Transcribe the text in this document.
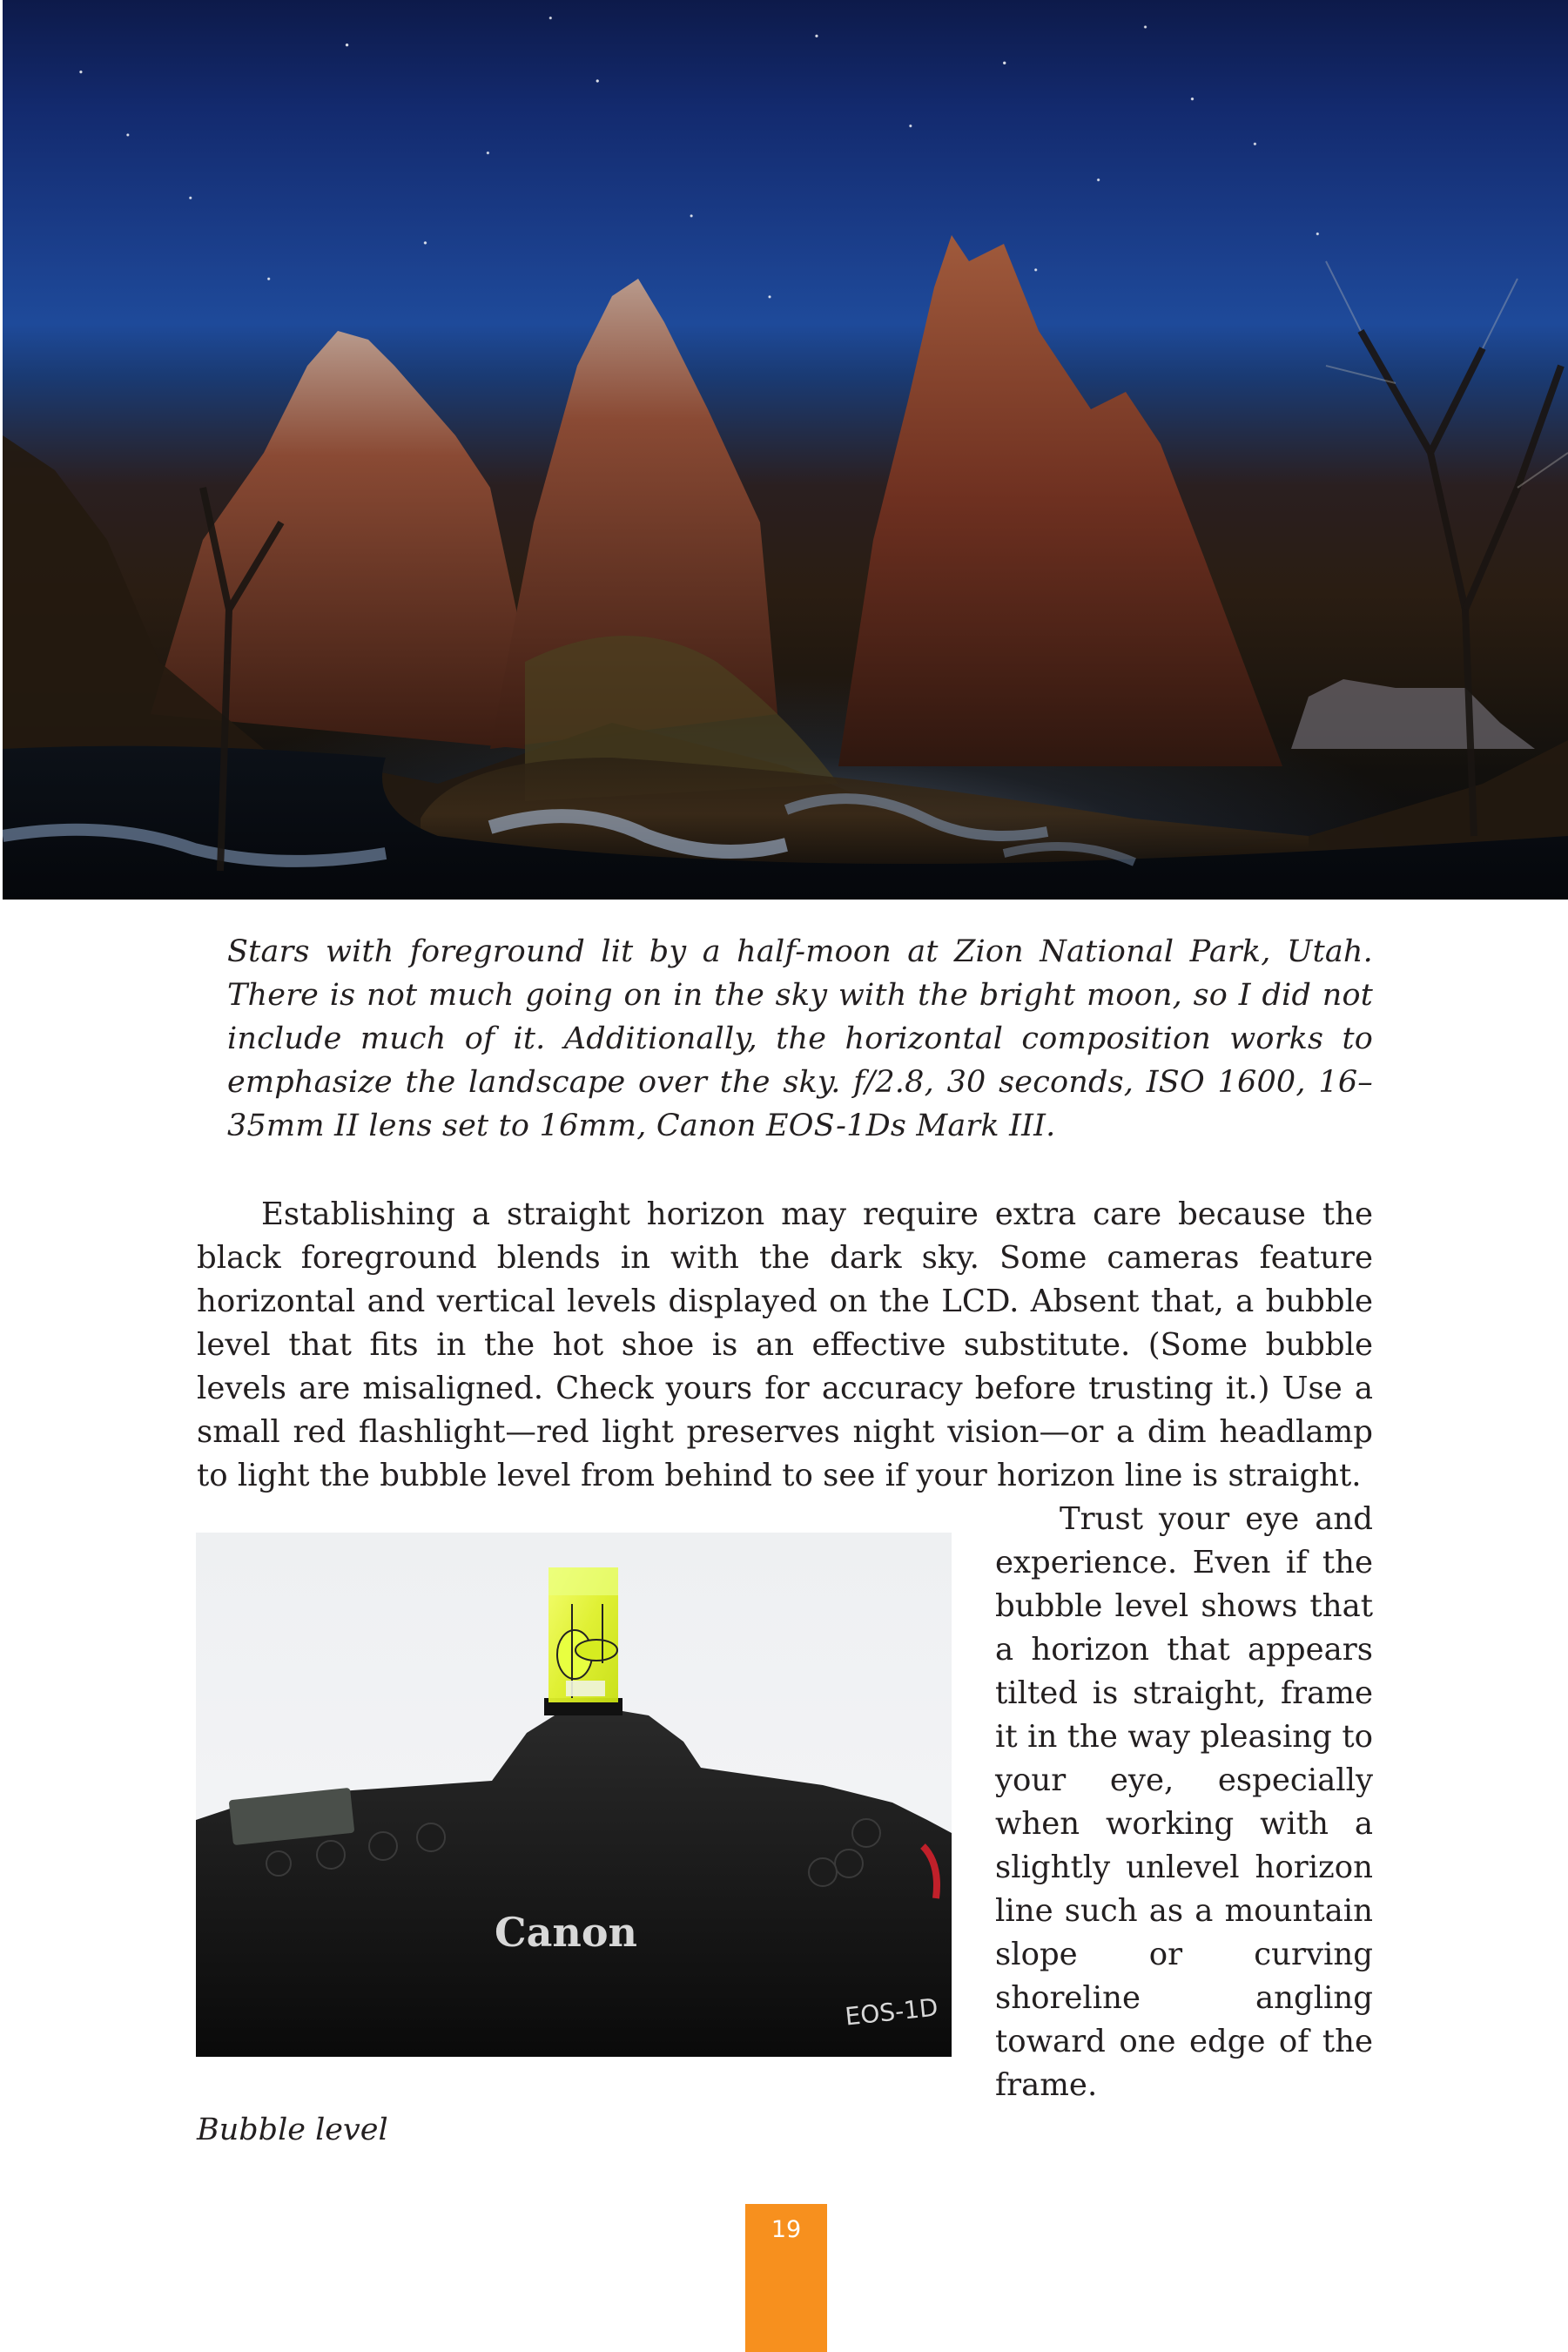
Stars with foreground lit by a half-moon at Zion National Park, Utah. There is not much going on in the sky with the bright moon, so I did not include much of it. Additionally, the horizontal composition works to emphasize the landscape over the sky. f/2.8, 30 seconds, ISO 1600, 16–35mm II lens set to 16mm, Canon EOS-1Ds Mark III.

Establishing a straight horizon may require extra care because the black foreground blends in with the dark sky. Some cameras feature horizontal and vertical levels displayed on the LCD. Absent that, a bubble level that fits in the hot shoe is an effective substitute. (Some bubble levels are misaligned. Check yours for accuracy before trusting it.) Use a small red flashlight—red light preserves night vision—or a dim headlamp to light the bubble level from behind to see if your horizon line is straight.

Canon
EOS-1D

Trust your eye and experience. Even if the bubble level shows that a horizon that appears tilted is straight, frame it in the way pleasing to your eye, especially when working with a slightly unlevel horizon line such as a mountain slope or curving shoreline angling toward one edge of the frame.

Bubble level
19
